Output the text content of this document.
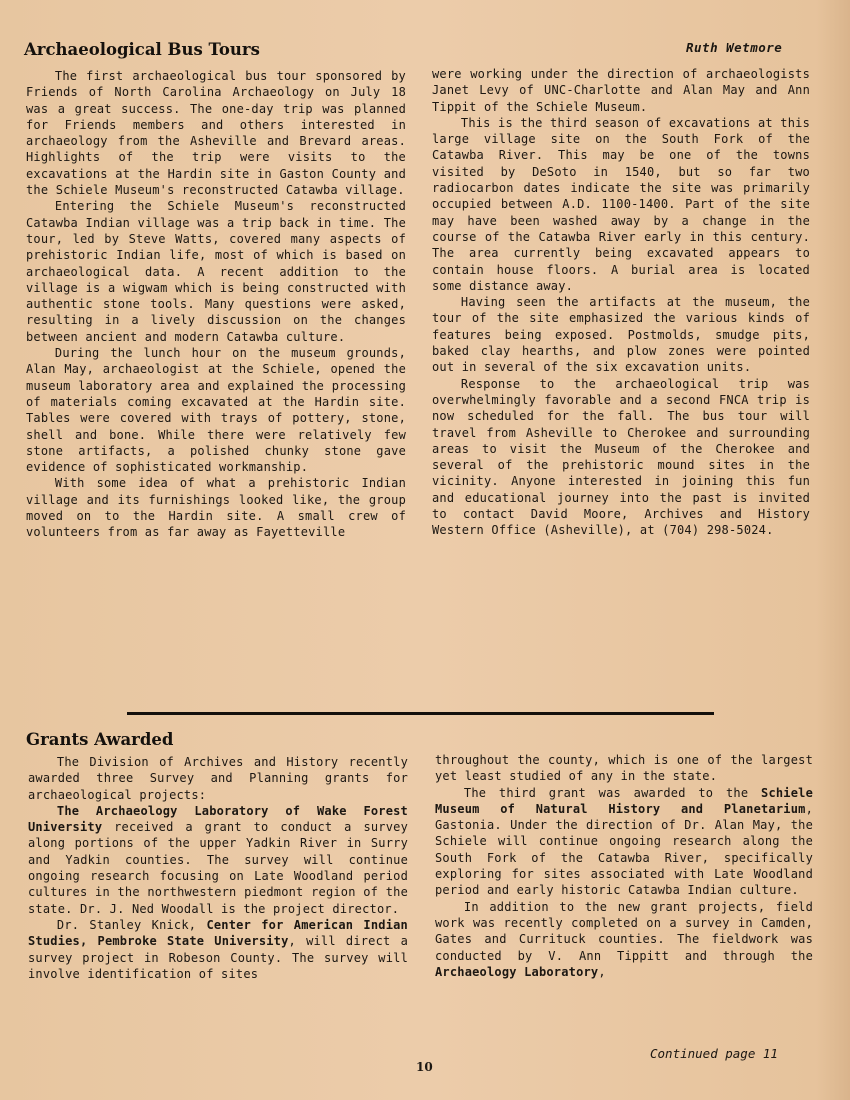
Archaeological Bus Tours	Ruth Wetmore

The first archaeological bus tour sponsored by Friends of North Carolina Archaeology on July 18 was a great success. The one-day trip was planned for Friends members and others interested in archaeology from the Asheville and Brevard areas. Highlights of the trip were visits to the excavations at the Hardin site in Gaston County and the Schiele Museum's reconstructed Catawba village.

Entering the Schiele Museum's reconstructed Catawba Indian village was a trip back in time. The tour, led by Steve Watts, covered many aspects of prehistoric Indian life, most of which is based on archaeological data. A recent addition to the village is a wigwam which is being constructed with authentic stone tools. Many questions were asked, resulting in a lively discussion on the changes between ancient and modern Catawba culture.

During the lunch hour on the museum grounds, Alan May, archaeologist at the Schiele, opened the museum laboratory area and explained the processing of materials coming excavated at the Hardin site. Tables were covered with trays of pottery, stone, shell and bone. While there were relatively few stone artifacts, a polished chunky stone gave evidence of sophisticated workmanship.

With some idea of what a prehistoric Indian village and its furnishings looked like, the group moved on to the Hardin site. A small crew of volunteers from as far away as Fayetteville

were working under the direction of archaeologists Janet Levy of UNC-Charlotte and Alan May and Ann Tippit of the Schiele Museum.

This is the third season of excavations at this large village site on the South Fork of the Catawba River. This may be one of the towns visited by DeSoto in 1540, but so far two radiocarbon dates indicate the site was primarily occupied between A.D. 1100-1400. Part of the site may have been washed away by a change in the course of the Catawba River early in this century. The area currently being excavated appears to contain house floors. A burial area is located some distance away.

Having seen the artifacts at the museum, the tour of the site emphasized the various kinds of features being exposed. Postmolds, smudge pits, baked clay hearths, and plow zones were pointed out in several of the six excavation units.

Response to the archaeological trip was overwhelmingly favorable and a second FNCA trip is now scheduled for the fall. The bus tour will travel from Asheville to Cherokee and surrounding areas to visit the Museum of the Cherokee and several of the prehistoric mound sites in the vicinity. Anyone interested in joining this fun and educational journey into the past is invited to contact David Moore, Archives and History Western Office (Asheville), at (704) 298-5024.

Grants Awarded

The Division of Archives and History recently awarded three Survey and Planning grants for archaeological projects:

The Archaeology Laboratory of Wake Forest University received a grant to conduct a survey along portions of the upper Yadkin River in Surry and Yadkin counties. The survey will continue ongoing research focusing on Late Woodland period cultures in the northwestern piedmont region of the state. Dr. J. Ned Woodall is the project director.

Dr. Stanley Knick, Center for American Indian Studies, Pembroke State University, will direct a survey project in Robeson County. The survey will involve identification of sites

throughout the county, which is one of the largest yet least studied of any in the state.

The third grant was awarded to the Schiele Museum of Natural History and Planetarium, Gastonia. Under the direction of Dr. Alan May, the Schiele will continue ongoing research along the South Fork of the Catawba River, specifically exploring for sites associated with Late Woodland period and early historic Catawba Indian culture.

In addition to the new grant projects, field work was recently completed on a survey in Camden, Gates and Currituck counties. The fieldwork was conducted by V. Ann Tippitt and through the Archaeology Laboratory,

Continued page 11
10
